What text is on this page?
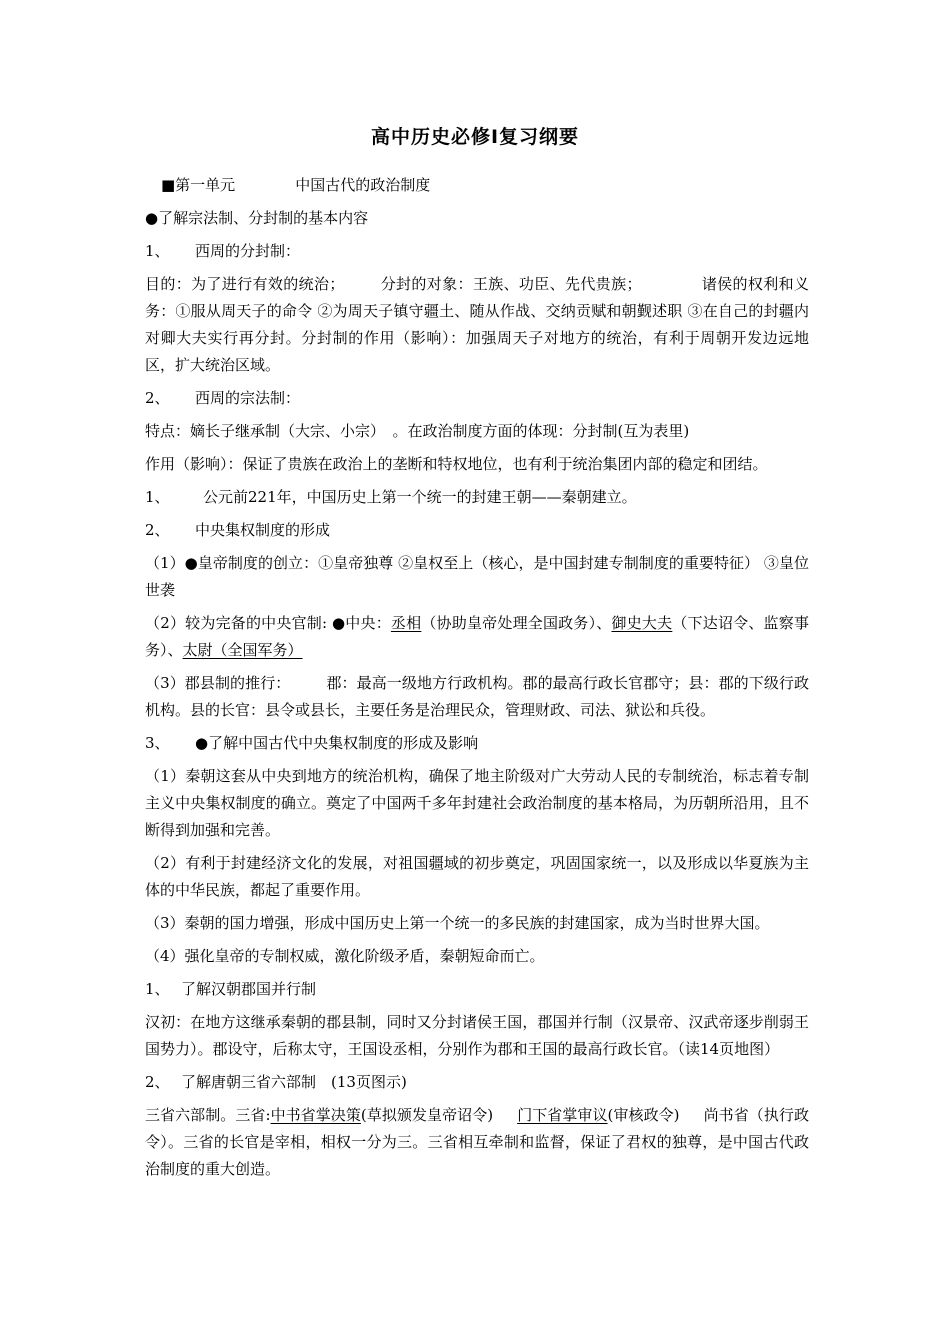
高中历史必修Ⅰ复习纲要

■第一单元	中国古代的政治制度

●了解宗法制、分封制的基本内容

1、 西周的分封制：

目的：为了进行有效的统治； 分封的对象：王族、功臣、先代贵族；	诸侯的权利和义务：①服从周天子的命令 ②为周天子镇守疆土、随从作战、交纳贡赋和朝觐述职 ③在自己的封疆内对卿大夫实行再分封。分封制的作用（影响）：加强周天子对地方的统治，有利于周朝开发边远地区，扩大统治区域。

2、 西周的宗法制：

特点：嫡长子继承制（大宗、小宗）　。在政治制度方面的体现：分封制(互为表里)

作用（影响）：保证了贵族在政治上的垄断和特权地位，也有利于统治集团内部的稳定和团结。

1、 公元前221年，中国历史上第一个统一的封建王朝——秦朝建立。

2、 中央集权制度的形成

（1）●皇帝制度的创立：①皇帝独尊 ②皇权至上（核心，是中国封建专制制度的重要特征） ③皇位世袭

（2）较为完备的中央官制: ●中央：丞相（协助皇帝处理全国政务）、御史大夫（下达诏令、监察事务）、太尉（全国军务）

（3）郡县制的推行： 郡：最高一级地方行政机构。郡的最高行政长官郡守；县：郡的下级行政机构。县的长官：县令或县长，主要任务是治理民众，管理财政、司法、狱讼和兵役。

3、 ●了解中国古代中央集权制度的形成及影响

（1）秦朝这套从中央到地方的统治机构，确保了地主阶级对广大劳动人民的专制统治，标志着专制主义中央集权制度的确立。奠定了中国两千多年封建社会政治制度的基本格局，为历朝所沿用，且不断得到加强和完善。

（2）有利于封建经济文化的发展，对祖国疆域的初步奠定，巩固国家统一，以及形成以华夏族为主体的中华民族，都起了重要作用。

（3）秦朝的国力增强，形成中国历史上第一个统一的多民族的封建国家，成为当时世界大国。

（4）强化皇帝的专制权威，激化阶级矛盾，秦朝短命而亡。

1、 了解汉朝郡国并行制

汉初：在地方这继承秦朝的郡县制，同时又分封诸侯王国，郡国并行制（汉景帝、汉武帝逐步削弱王国势力）。郡设守，后称太守，王国设丞相，分别作为郡和王国的最高行政长官。（读14页地图）

2、 了解唐朝三省六部制　(13页图示)

三省六部制。三省:中书省掌决策(草拟颁发皇帝诏令) 门下省掌审议(审核政令) 尚书省（执行政令）。三省的长官是宰相，相权一分为三。三省相互牵制和监督，保证了君权的独尊，是中国古代政治制度的重大创造。
